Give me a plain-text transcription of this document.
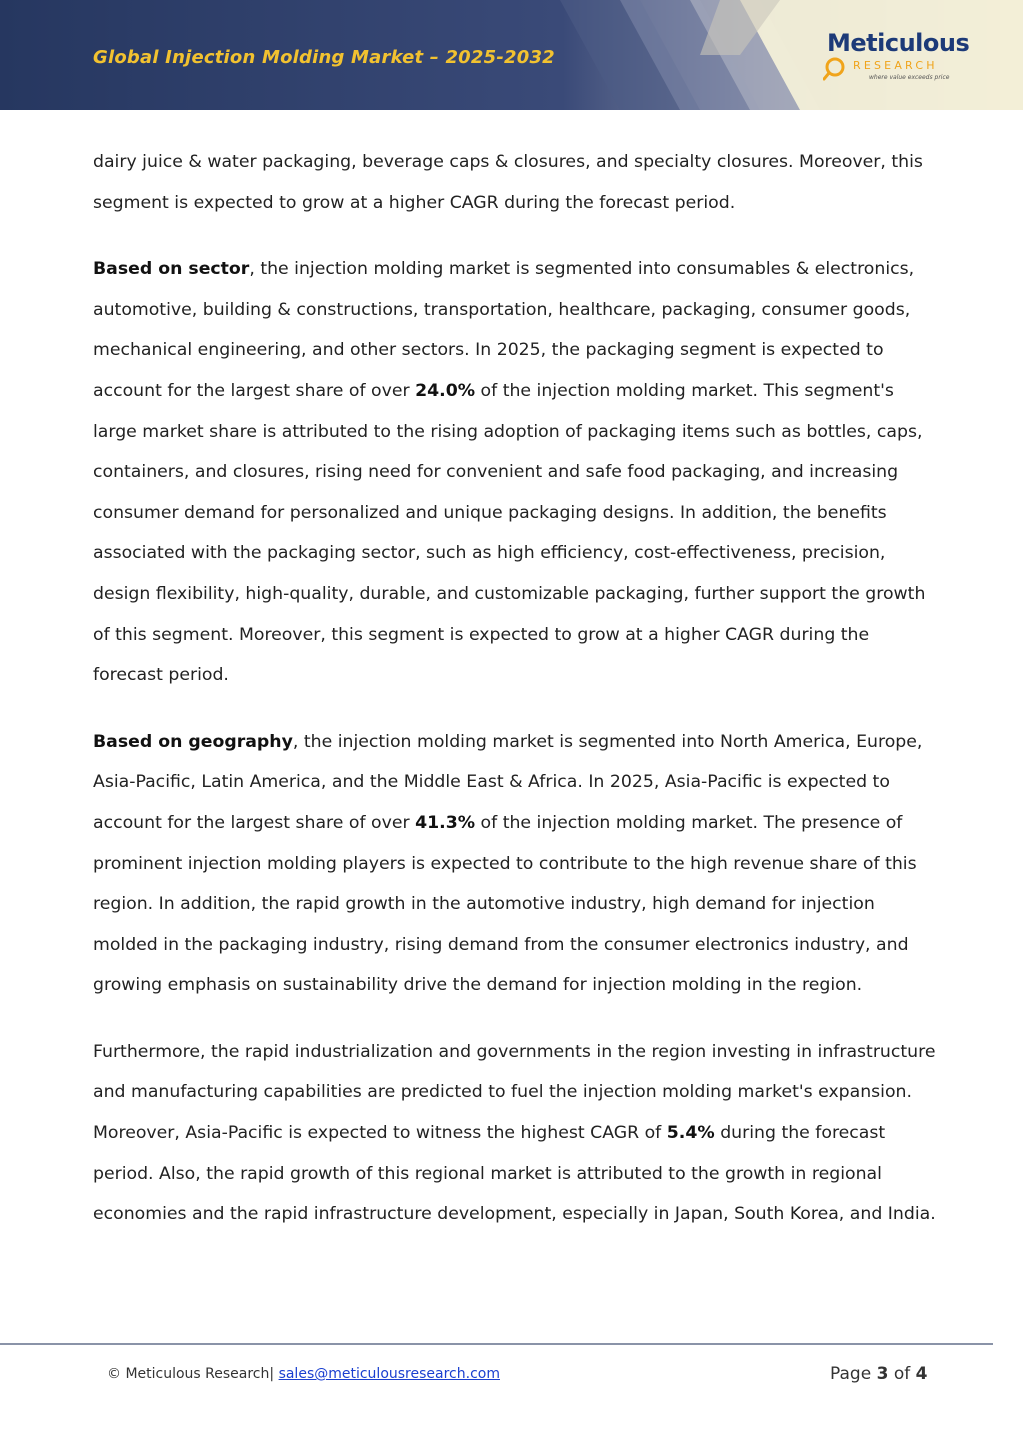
Global Injection Molding Market – 2025-2032
Meticulous
RESEARCH
where value exceeds price

dairy juice & water packaging, beverage caps & closures, and specialty closures. Moreover, this segment is expected to grow at a higher CAGR during the forecast period.

Based on sector, the injection molding market is segmented into consumables & electronics, automotive, building & constructions, transportation, healthcare, packaging, consumer goods, mechanical engineering, and other sectors. In 2025, the packaging segment is expected to account for the largest share of over 24.0% of the injection molding market. This segment's large market share is attributed to the rising adoption of packaging items such as bottles, caps, containers, and closures, rising need for convenient and safe food packaging, and increasing consumer demand for personalized and unique packaging designs. In addition, the benefits associated with the packaging sector, such as high efficiency, cost-effectiveness, precision, design flexibility, high-quality, durable, and customizable packaging, further support the growth of this segment. Moreover, this segment is expected to grow at a higher CAGR during the forecast period.

Based on geography, the injection molding market is segmented into North America, Europe, Asia-Pacific, Latin America, and the Middle East & Africa. In 2025, Asia-Pacific is expected to account for the largest share of over 41.3% of the injection molding market. The presence of prominent injection molding players is expected to contribute to the high revenue share of this region. In addition, the rapid growth in the automotive industry, high demand for injection molded in the packaging industry, rising demand from the consumer electronics industry, and growing emphasis on sustainability drive the demand for injection molding in the region.

Furthermore, the rapid industrialization and governments in the region investing in infrastructure and manufacturing capabilities are predicted to fuel the injection molding market's expansion. Moreover, Asia-Pacific is expected to witness the highest CAGR of 5.4% during the forecast period. Also, the rapid growth of this regional market is attributed to the growth in regional economies and the rapid infrastructure development, especially in Japan, South Korea, and India.

© Meticulous Research| sales@meticulousresearch.com	Page 3 of 4
